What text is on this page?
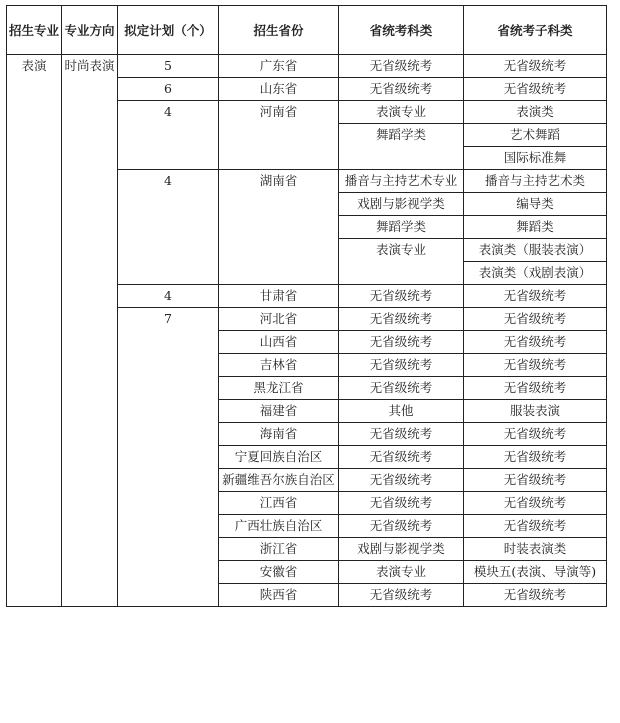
招生专业	专业方向	拟定计划（个）	招生省份	省统考科类	省统考子科类
表演	时尚表演	5	广东省	无省级统考	无省级统考
		6	山东省	无省级统考	无省级统考
		4	河南省	表演专业	表演类
				舞蹈学类	艺术舞蹈
					国际标准舞
		4	湖南省	播音与主持艺术专业	播音与主持艺术类
				戏剧与影视学类	编导类
				舞蹈学类	舞蹈类
				表演专业	表演类（服装表演）
					表演类（戏剧表演）
		4	甘肃省	无省级统考	无省级统考
		7	河北省	无省级统考	无省级统考
			山西省	无省级统考	无省级统考
			吉林省	无省级统考	无省级统考
			黑龙江省	无省级统考	无省级统考
			福建省	其他	服装表演
			海南省	无省级统考	无省级统考
			宁夏回族自治区	无省级统考	无省级统考
			新疆维吾尔族自治区	无省级统考	无省级统考
			江西省	无省级统考	无省级统考
			广西壮族自治区	无省级统考	无省级统考
			浙江省	戏剧与影视学类	时装表演类
			安徽省	表演专业	模块五(表演、导演等)
			陕西省	无省级统考	无省级统考
